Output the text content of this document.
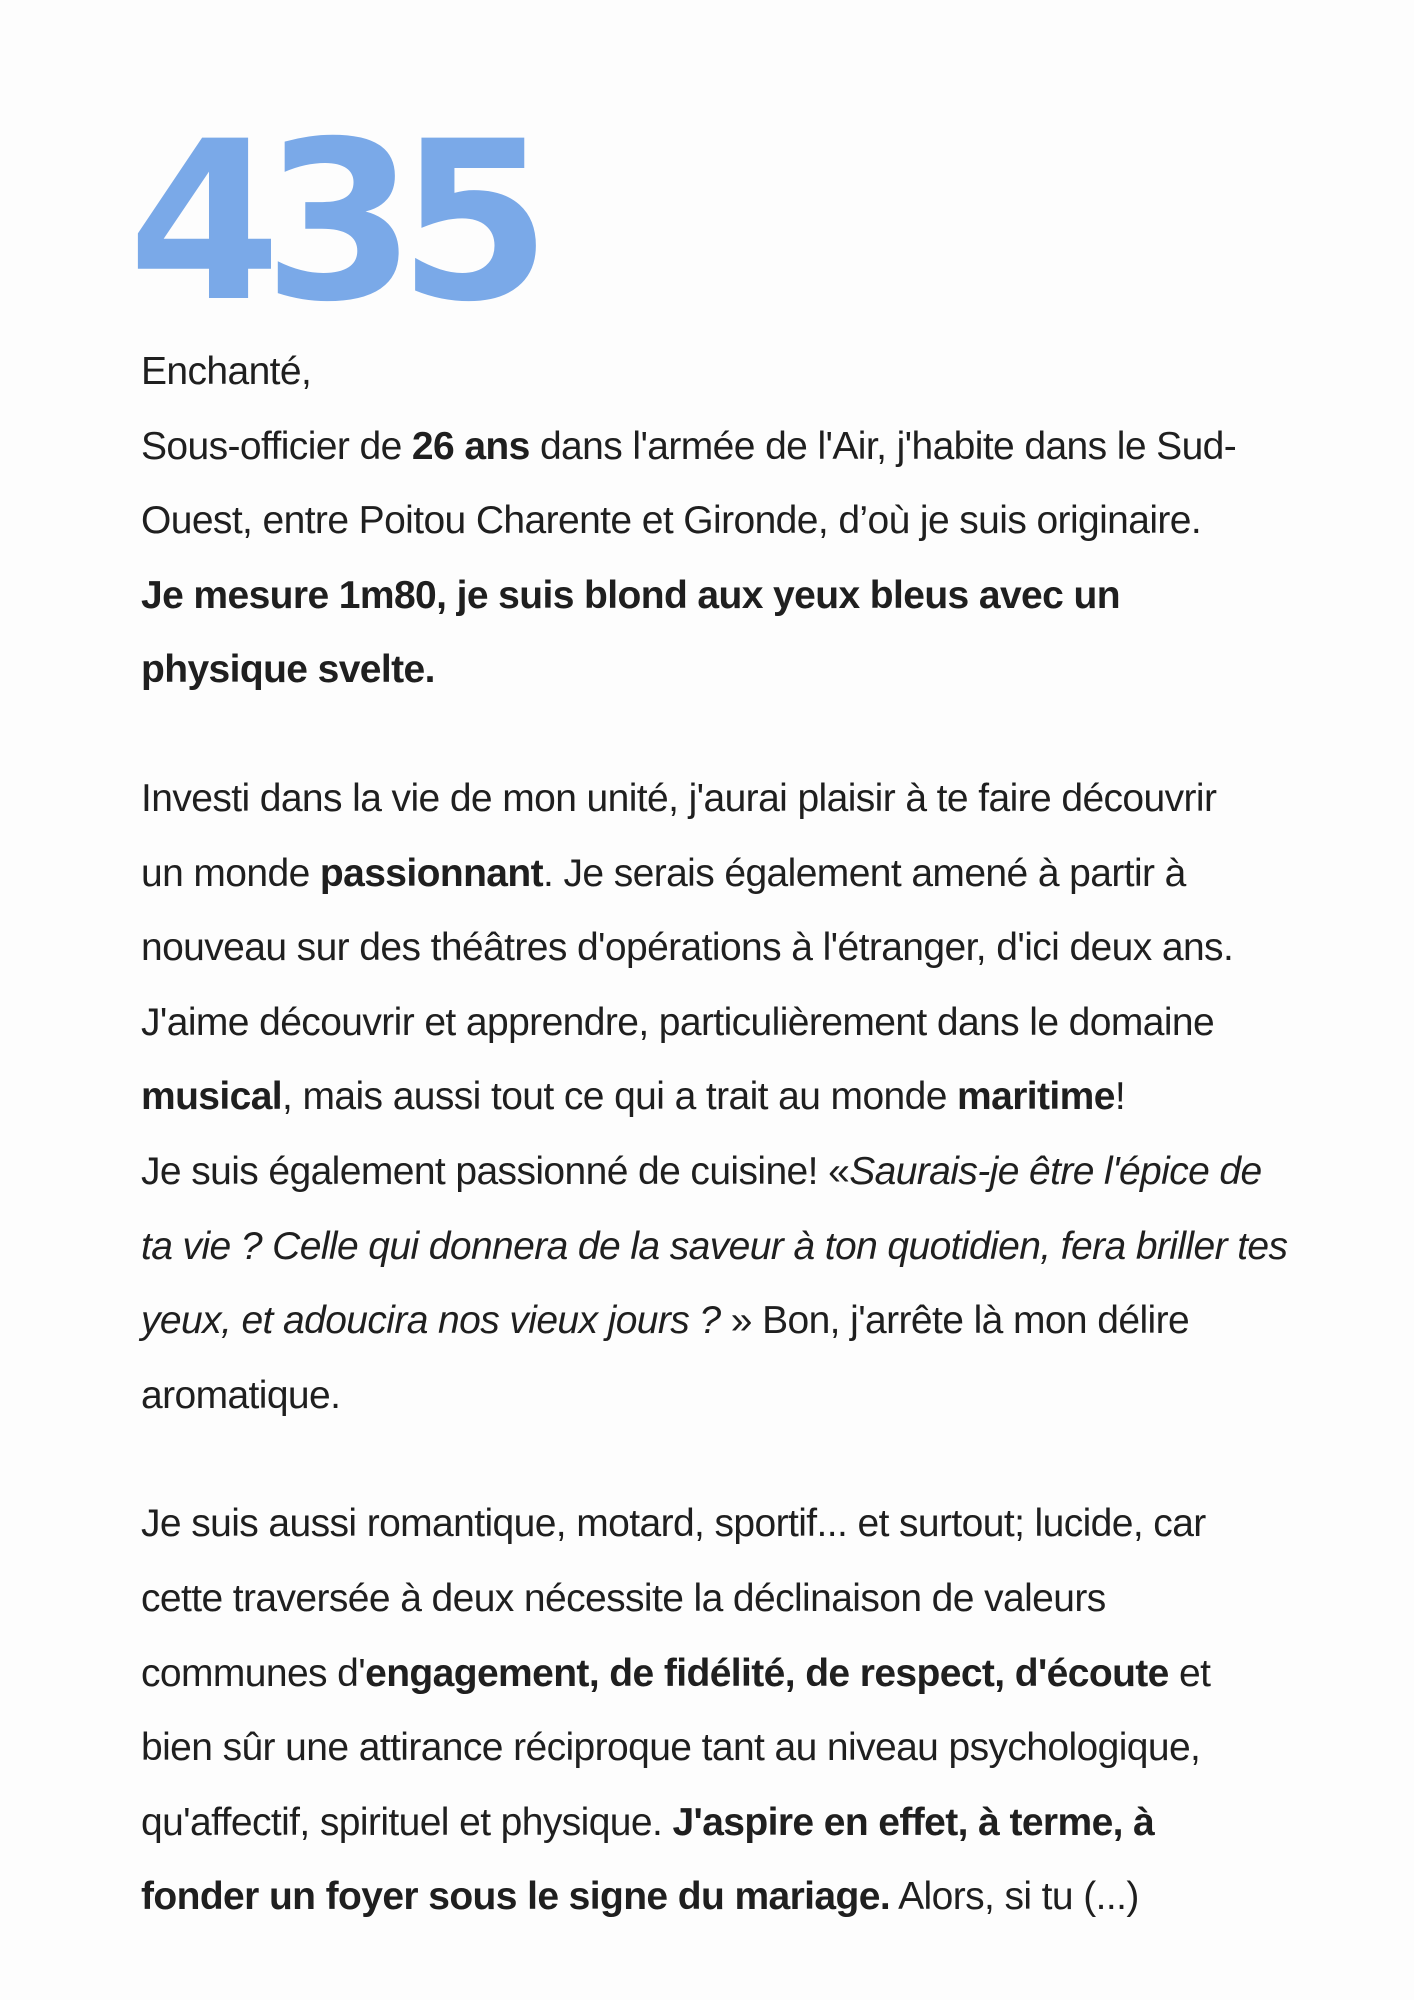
435

Enchanté,
Sous-officier de 26 ans dans l'armée de l'Air, j'habite dans le Sud-
Ouest, entre Poitou Charente et Gironde, d’où je suis originaire.
Je mesure 1m80, je suis blond aux yeux bleus avec un
physique svelte.

Investi dans la vie de mon unité, j'aurai plaisir à te faire découvrir
un monde passionnant. Je serais également amené à partir à
nouveau sur des théâtres d'opérations à l'étranger, d'ici deux ans.
J'aime découvrir et apprendre, particulièrement dans le domaine
musical, mais aussi tout ce qui a trait au monde maritime!
Je suis également passionné de cuisine! «Saurais-je être l'épice de
ta vie ? Celle qui donnera de la saveur à ton quotidien, fera briller tes
yeux, et adoucira nos vieux jours ? » Bon, j'arrête là mon délire
aromatique.

Je suis aussi romantique, motard, sportif... et surtout; lucide, car
cette traversée à deux nécessite la déclinaison de valeurs
communes d'engagement, de fidélité, de respect, d'écoute et
bien sûr une attirance réciproque tant au niveau psychologique,
qu'affectif, spirituel et physique. J'aspire en effet, à terme, à
fonder un foyer sous le signe du mariage. Alors, si tu (...)
